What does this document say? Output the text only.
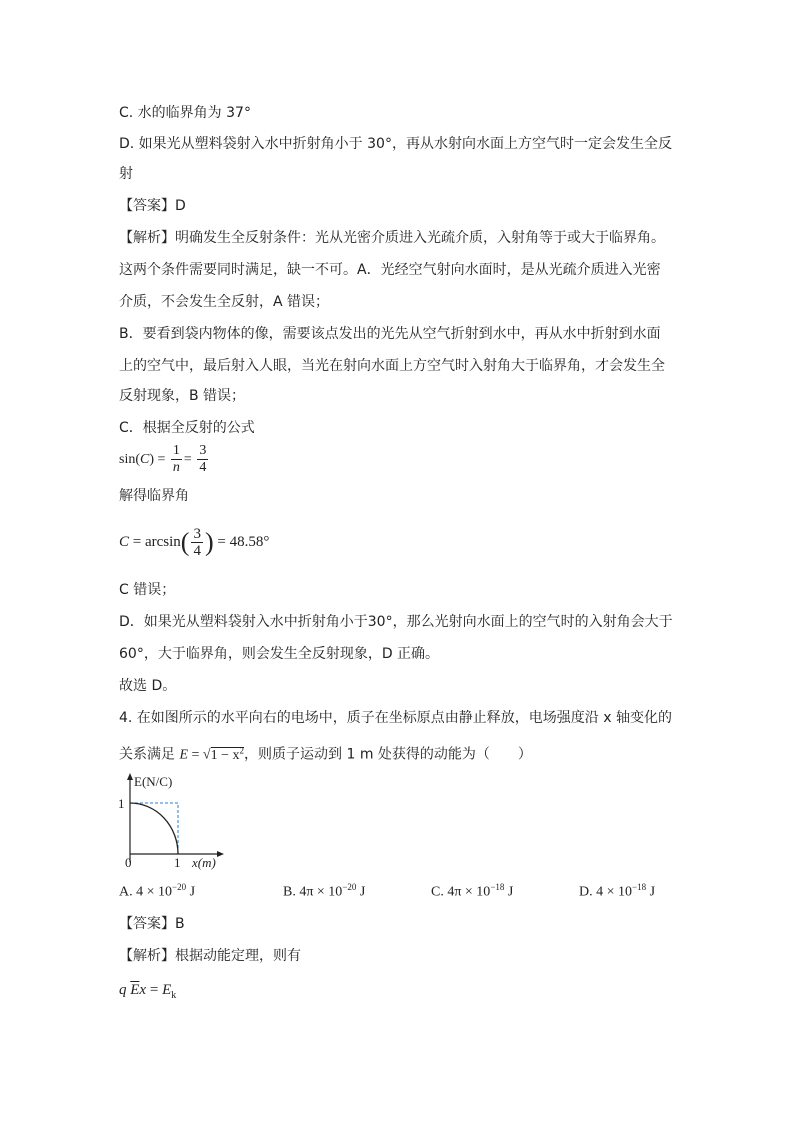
C. 水的临界角为 37°
D. 如果光从塑料袋射入水中折射角小于 30°，再从水射向水面上方空气时一定会发生全反
射
【答案】D
【解析】明确发生全反射条件：光从光密介质进入光疏介质，入射角等于或大于临界角。
这两个条件需要同时满足，缺一不可。A．光经空气射向水面时，是从光疏介质进入光密
介质，不会发生全反射，A 错误；
B．要看到袋内物体的像，需要该点发出的光先从空气折射到水中，再从水中折射到水面
上的空气中，最后射入人眼，当光在射向水面上方空气时入射角大于临界角，才会发生全
反射现象，B 错误；
C．根据全反射的公式
$\sin(C) = \frac{1}{n} = \frac{3}{4}$
解得临界角
$C = \arcsin( \frac{3}{4}$ ) = 48.58°
C 错误；
D．如果光从塑料袋射入水中折射角小于30°，那么光射向水面上的空气时的入射角会大于
60°，大于临界角，则会发生全反射现象，D 正确。
故选 D。
4. 在如图所示的水平向右的电场中，质子在坐标原点由静止释放，电场强度沿 x 轴变化的
关系满足 $E = √1 - x^2$，则质子运动到 1 m 处获得的动能为（　　）
E(N/C)
1
0	1 x(m)
A. $4 \times 10^{-20}$ J	B. $4\pi \times 10^{-20}$ J	C. $4\pi \times 10^{-18}$ J	D. $4 \times 10^{-18}$ J
【答案】B
【解析】根据动能定理，则有
q $\overline{E}x = E_k$
